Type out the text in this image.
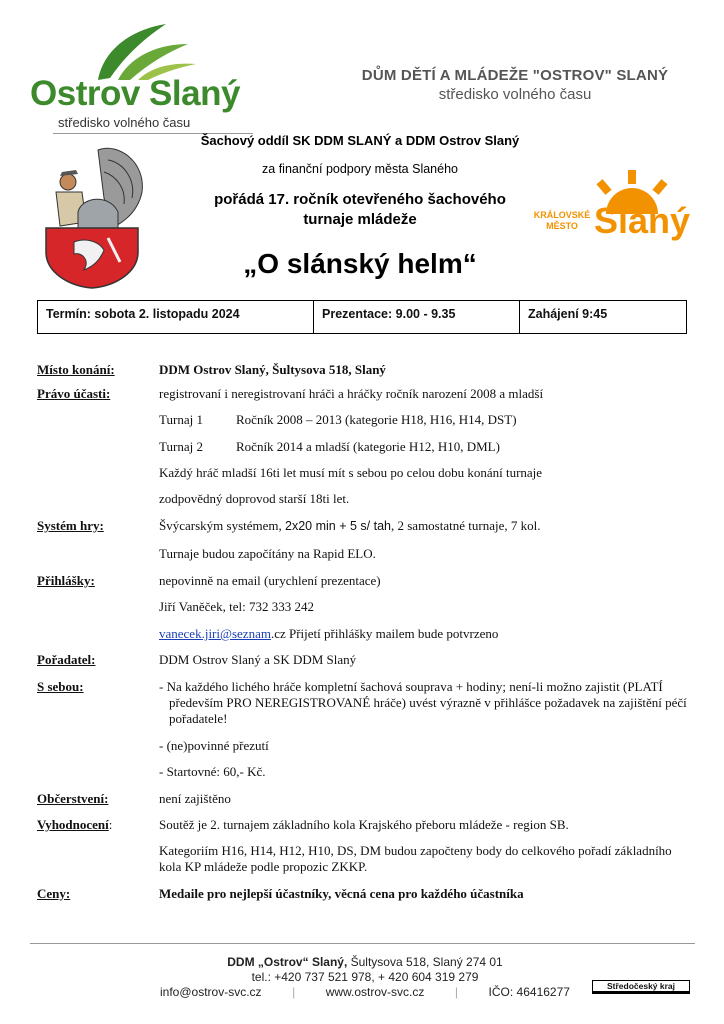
Ostrov Slaný
středisko volného času
DŮM DĚTÍ A MLÁDEŽE "OSTROV" SLANÝ
středisko volného času
Šachový oddíl SK DDM SLANÝ a DDM Ostrov Slaný
za finanční podpory města Slaného
pořádá 17. ročník otevřeného šachového
turnaje mládeže
„O slánský helm“
KRÁLOVSKÉ
MĚSTO Slaný
Termín: sobota 2. listopadu 2024	Prezentace: 9.00 - 9.35	Zahájení 9:45
Místo konání:	DDM Ostrov Slaný, Šultysova 518, Slaný
Právo účasti:	registrovaní i neregistrovaní hráči a hráčky ročník narození 2008 a mladší
Turnaj 1	Ročník 2008 – 2013 (kategorie H18, H16, H14, DST)
Turnaj 2	Ročník 2014 a mladší (kategorie H12, H10, DML)
Každý hráč mladší 16ti let musí mít s sebou po celou dobu konání turnaje
zodpovědný doprovod starší 18ti let.
Systém hry:	Švýcarským systémem, 2x20 min + 5 s/ tah, 2 samostatné turnaje, 7 kol.
Turnaje budou započítány na Rapid ELO.
Přihlášky:	nepovinně na email (urychlení prezentace)
Jiří Vaněček, tel: 732 333 242
vanecek.jiri@seznam.cz Přijetí přihlášky mailem bude potvrzeno
Pořadatel:	DDM Ostrov Slaný a SK DDM Slaný
S sebou:	- Na každého lichého hráče kompletní šachová souprava + hodiny; není-li možno zajistit (PLATÍ především PRO NEREGISTROVANÉ hráče) uvést výrazně v přihlášce požadavek na zajištění péčí pořadatele!
- (ne)povinné přezutí
- Startovné: 60,- Kč.
Občerstvení:	není zajištěno
Vyhodnocení:	Soutěž je 2. turnajem základního kola Krajského přeboru mládeže - region SB.
Kategoriím H16, H14, H12, H10, DS, DM budou započteny body do celkového pořadí základního kola KP mládeže podle propozic ZKKP.
Ceny:	Medaile pro nejlepší účastníky, věcná cena pro každého účastníka
DDM „Ostrov“ Slaný, Šultysova 518, Slaný 274 01
tel.: +420 737 521 978, + 420 604 319 279
info@ostrov-svc.cz	|	www.ostrov-svc.cz	|	IČO: 46416277	Středočeský kraj
